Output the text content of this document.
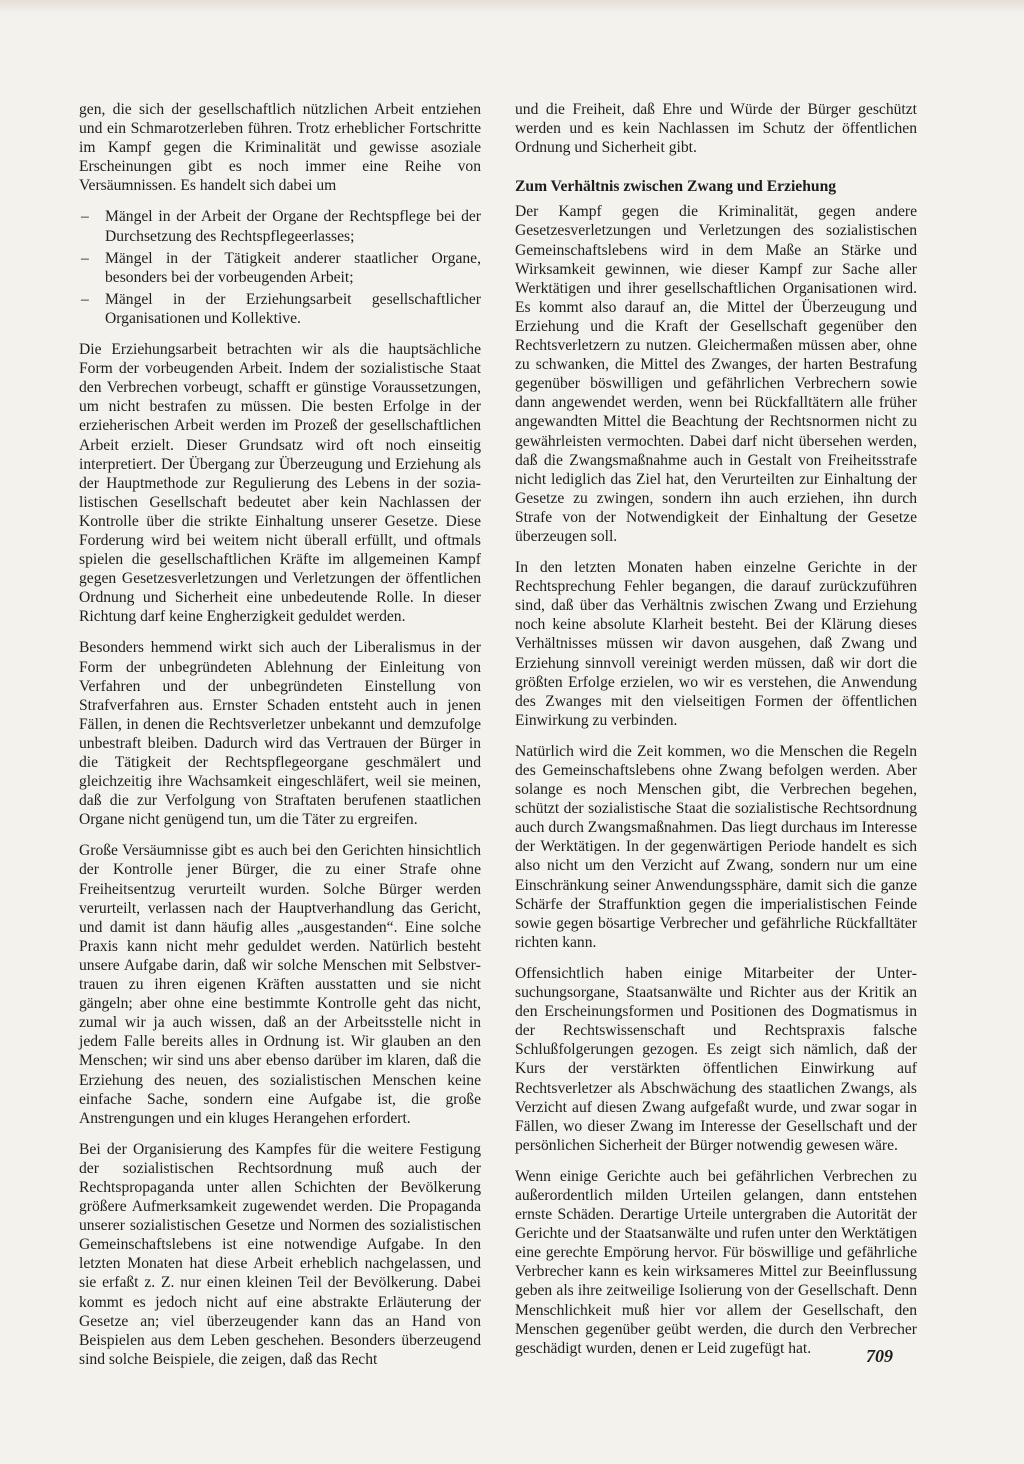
gen, die sich der gesellschaftlich nützlichen Arbeit entziehen und ein Schmarotzerleben führen. Trotz erheblicher Fortschritte im Kampf gegen die Kriminalität und gewisse asoziale Erscheinungen gibt es noch immer eine Reihe von Versäumnissen. Es handelt sich dabei um

– Mängel in der Arbeit der Organe der Rechtspflege bei der Durchsetzung des Rechtspflegeerlasses;
– Mängel in der Tätigkeit anderer staatlicher Organe, besonders bei der vorbeugenden Arbeit;
– Mängel in der Erziehungsarbeit gesellschaftlicher Organisationen und Kollektive.

Die Erziehungsarbeit betrachten wir als die hauptsächliche Form der vorbeugenden Arbeit. Indem der sozialistische Staat den Verbrechen vorbeugt, schafft er günstige Voraussetzungen, um nicht bestrafen zu müssen. Die besten Erfolge in der erzieherischen Arbeit werden im Prozeß der gesellschaftlichen Arbeit erzielt. Dieser Grundsatz wird oft noch einseitig interpretiert. Der Übergang zur Überzeugung und Erziehung als der Hauptmethode zur Regulierung des Lebens in der sozialistischen Gesellschaft bedeutet aber kein Nachlassen der Kontrolle über die strikte Einhaltung unserer Gesetze. Diese Forderung wird bei weitem nicht überall erfüllt, und oftmals spielen die gesellschaftlichen Kräfte im allgemeinen Kampf gegen Gesetzesverletzungen und Verletzungen der öffentlichen Ordnung und Sicherheit eine unbedeutende Rolle. In dieser Richtung darf keine Engherzigkeit geduldet werden.

Besonders hemmend wirkt sich auch der Liberalismus in der Form der unbegründeten Ablehnung der Einleitung von Verfahren und der unbegründeten Einstellung von Strafverfahren aus. Ernster Schaden entsteht auch in jenen Fällen, in denen die Rechtsverletzer unbekannt und demzufolge unbestraft bleiben. Dadurch wird das Vertrauen der Bürger in die Tätigkeit der Rechtspflegeorgane geschmälert und gleichzeitig ihre Wachsamkeit eingeschläfert, weil sie meinen, daß die zur Verfolgung von Straftaten berufenen staatlichen Organe nicht genügend tun, um die Täter zu ergreifen.

Große Versäumnisse gibt es auch bei den Gerichten hinsichtlich der Kontrolle jener Bürger, die zu einer Strafe ohne Freiheitsentzug verurteilt wurden. Solche Bürger werden verurteilt, verlassen nach der Hauptverhandlung das Gericht, und damit ist dann häufig alles „ausgestanden“. Eine solche Praxis kann nicht mehr geduldet werden. Natürlich besteht unsere Aufgabe darin, daß wir solche Menschen mit Selbstvertrauen zu ihren eigenen Kräften ausstatten und sie nicht gängeln; aber ohne eine bestimmte Kontrolle geht das nicht, zumal wir ja auch wissen, daß an der Arbeitsstelle nicht in jedem Falle bereits alles in Ordnung ist. Wir glauben an den Menschen; wir sind uns aber ebenso darüber im klaren, daß die Erziehung des neuen, des sozialistischen Menschen keine einfache Sache, sondern eine Aufgabe ist, die große Anstrengungen und ein kluges Herangehen erfordert.

Bei der Organisierung des Kampfes für die weitere Festigung der sozialistischen Rechtsordnung muß auch der Rechtspropaganda unter allen Schichten der Bevölkerung größere Aufmerksamkeit zugewendet werden. Die Propaganda unserer sozialistischen Gesetze und Normen des sozialistischen Gemeinschaftslebens ist eine notwendige Aufgabe. In den letzten Monaten hat diese Arbeit erheblich nachgelassen, und sie erfaßt z. Z. nur einen kleinen Teil der Bevölkerung. Dabei kommt es jedoch nicht auf eine abstrakte Erläuterung der Gesetze an; viel überzeugender kann das an Hand von Beispielen aus dem Leben geschehen. Besonders überzeugend sind solche Beispiele, die zeigen, daß das Recht

und die Freiheit, daß Ehre und Würde der Bürger geschützt werden und es kein Nachlassen im Schutz der öffentlichen Ordnung und Sicherheit gibt.

Zum Verhältnis zwischen Zwang und Erziehung

Der Kampf gegen die Kriminalität, gegen andere Gesetzesverletzungen und Verletzungen des sozialistischen Gemeinschaftslebens wird in dem Maße an Stärke und Wirksamkeit gewinnen, wie dieser Kampf zur Sache aller Werktätigen und ihrer gesellschaftlichen Organisationen wird. Es kommt also darauf an, die Mittel der Überzeugung und Erziehung und die Kraft der Gesellschaft gegenüber den Rechtsverletzern zu nutzen. Gleichermaßen müssen aber, ohne zu schwanken, die Mittel des Zwanges, der harten Bestrafung gegenüber böswilligen und gefährlichen Verbrechern sowie dann angewendet werden, wenn bei Rückfalltätern alle früher angewandten Mittel die Beachtung der Rechtsnormen nicht zu gewährleisten vermochten. Dabei darf nicht übersehen werden, daß die Zwangsmaßnahme auch in Gestalt von Freiheitsstrafe nicht lediglich das Ziel hat, den Verurteilten zur Einhaltung der Gesetze zu zwingen, sondern ihn auch erziehen, ihn durch Strafe von der Notwendigkeit der Einhaltung der Gesetze überzeugen soll.

In den letzten Monaten haben einzelne Gerichte in der Rechtsprechung Fehler begangen, die darauf zurückzuführen sind, daß über das Verhältnis zwischen Zwang und Erziehung noch keine absolute Klarheit besteht. Bei der Klärung dieses Verhältnisses müssen wir davon ausgehen, daß Zwang und Erziehung sinnvoll vereinigt werden müssen, daß wir dort die größten Erfolge erzielen, wo wir es verstehen, die Anwendung des Zwanges mit den vielseitigen Formen der öffentlichen Einwirkung zu verbinden.

Natürlich wird die Zeit kommen, wo die Menschen die Regeln des Gemeinschaftslebens ohne Zwang befolgen werden. Aber solange es noch Menschen gibt, die Verbrechen begehen, schützt der sozialistische Staat die sozialistische Rechtsordnung auch durch Zwangsmaßnahmen. Das liegt durchaus im Interesse der Werktätigen. In der gegenwärtigen Periode handelt es sich also nicht um den Verzicht auf Zwang, sondern nur um eine Einschränkung seiner Anwendungssphäre, damit sich die ganze Schärfe der Straffunktion gegen die imperialistischen Feinde sowie gegen bösartige Verbrecher und gefährliche Rückfalltäter richten kann.

Offensichtlich haben einige Mitarbeiter der Untersuchungsorgane, Staatsanwälte und Richter aus der Kritik an den Erscheinungsformen und Positionen des Dogmatismus in der Rechtswissenschaft und Rechtspraxis falsche Schlußfolgerungen gezogen. Es zeigt sich nämlich, daß der Kurs der verstärkten öffentlichen Einwirkung auf Rechtsverletzer als Abschwächung des staatlichen Zwangs, als Verzicht auf diesen Zwang aufgefaßt wurde, und zwar sogar in Fällen, wo dieser Zwang im Interesse der Gesellschaft und der persönlichen Sicherheit der Bürger notwendig gewesen wäre.

Wenn einige Gerichte auch bei gefährlichen Verbrechen zu außerordentlich milden Urteilen gelangen, dann entstehen ernste Schäden. Derartige Urteile untergraben die Autorität der Gerichte und der Staatsanwälte und rufen unter den Werktätigen eine gerechte Empörung hervor. Für böswillige und gefährliche Verbrecher kann es kein wirksameres Mittel zur Beeinflussung geben als ihre zeitweilige Isolierung von der Gesellschaft. Denn Menschlichkeit muß hier vor allem der Gesellschaft, den Menschen gegenüber geübt werden, die durch den Verbrecher geschädigt wurden, denen er Leid zugefügt hat.	709
